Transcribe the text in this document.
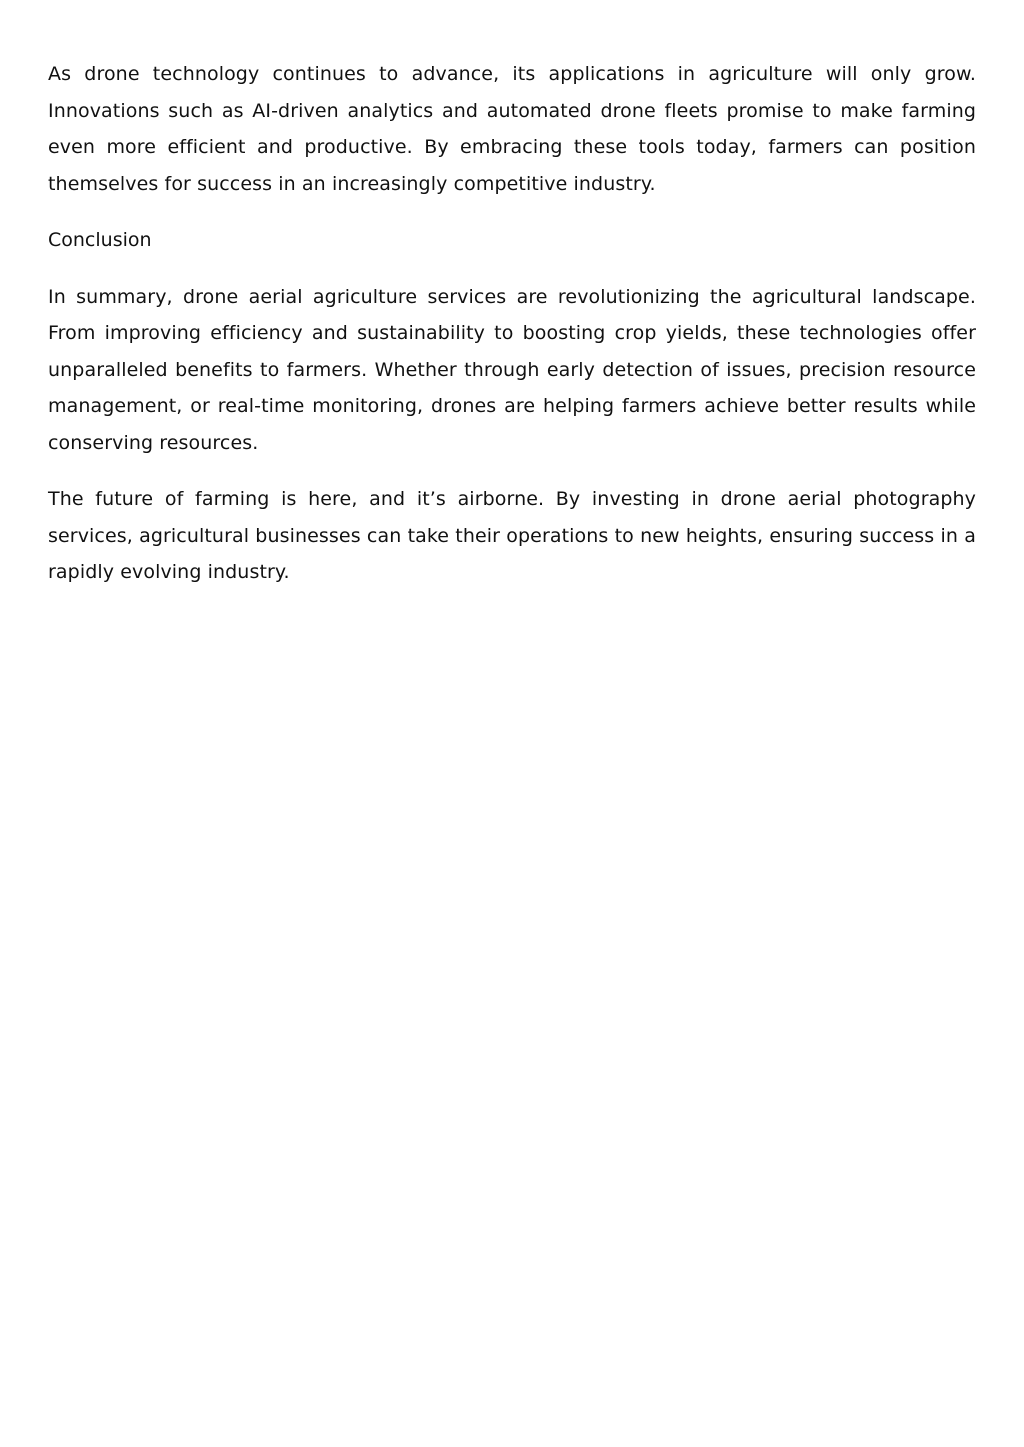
As drone technology continues to advance, its applications in agriculture will only grow. Innovations such as AI-driven analytics and automated drone fleets promise to make farming even more efficient and productive. By embracing these tools today, farmers can position themselves for success in an increasingly competitive industry.

Conclusion

In summary, drone aerial agriculture services are revolutionizing the agricultural landscape. From improving efficiency and sustainability to boosting crop yields, these technologies offer unparalleled benefits to farmers. Whether through early detection of issues, precision resource management, or real-time monitoring, drones are helping farmers achieve better results while conserving resources.

The future of farming is here, and it’s airborne. By investing in drone aerial photography services, agricultural businesses can take their operations to new heights, ensuring success in a rapidly evolving industry.
